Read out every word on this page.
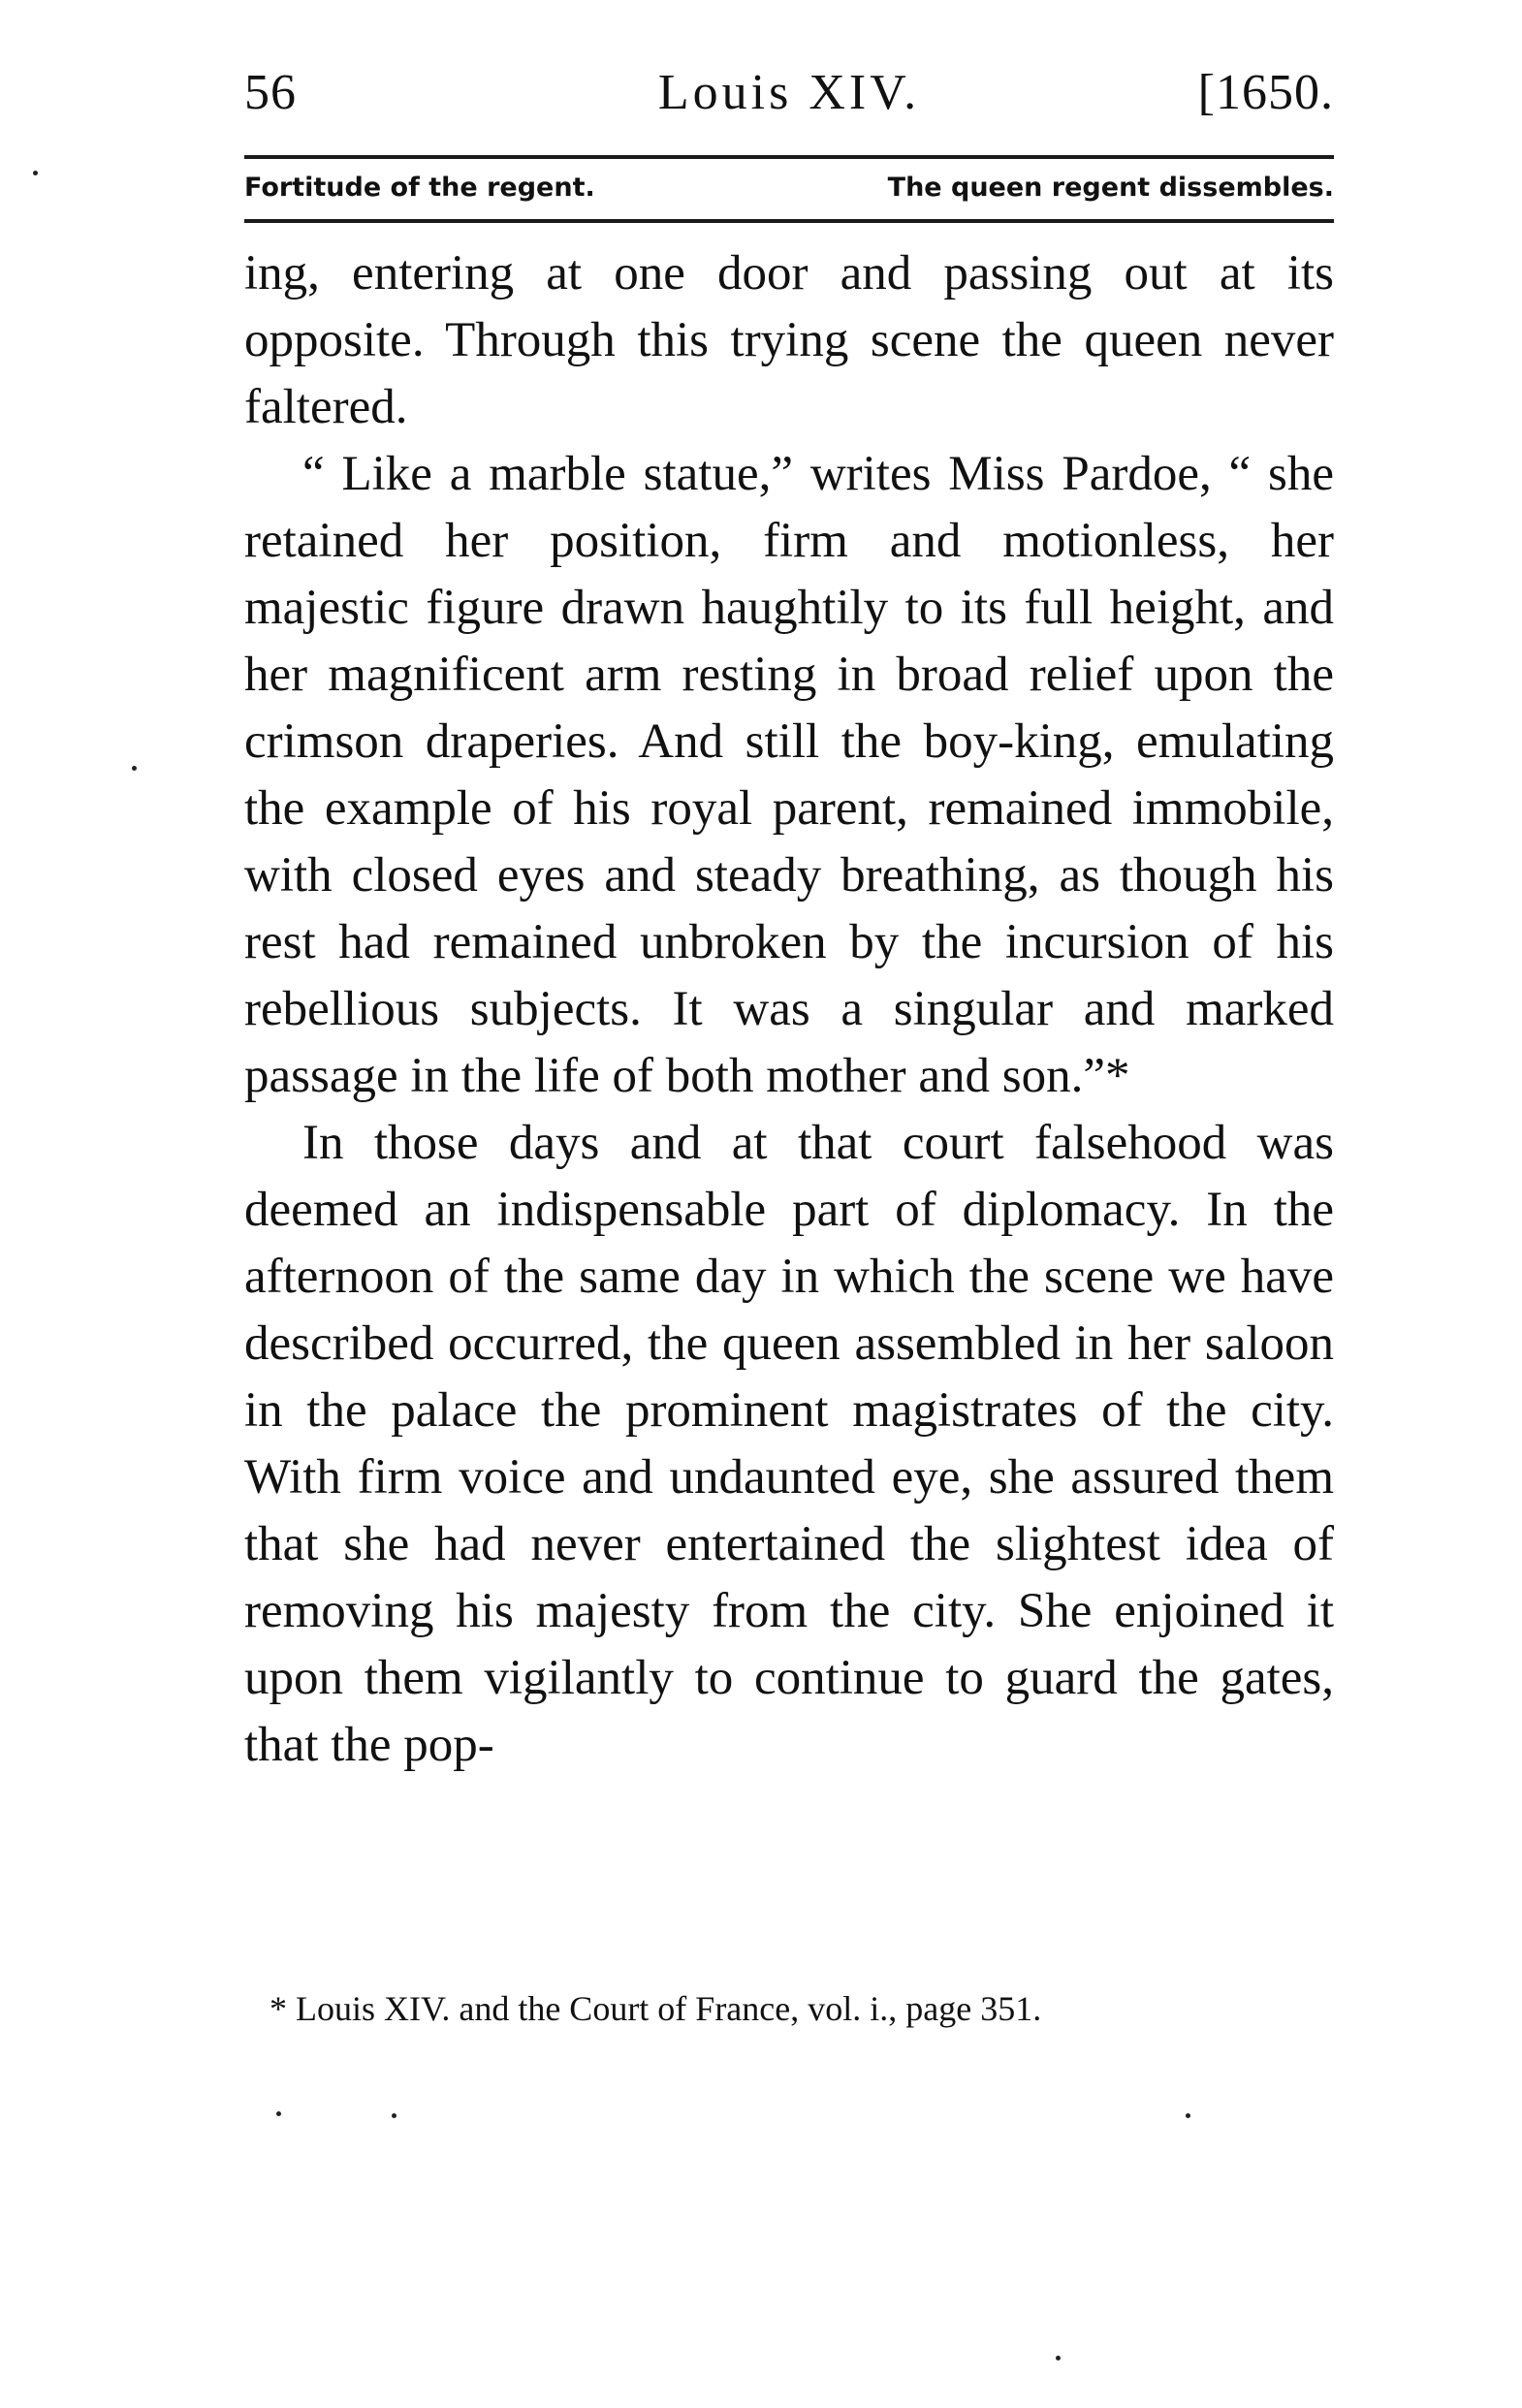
56	Louis XIV.	[1650.
Fortitude of the regent.	The queen regent dissembles.

ing, entering at one door and passing out at its opposite. Through this trying scene the queen never faltered.

“ Like a marble statue,” writes Miss Pardoe, “ she retained her position, firm and motionless, her majestic figure drawn haughtily to its full height, and her magnificent arm resting in broad relief upon the crimson draperies. And still the boy-king, emulating the example of his royal parent, remained immobile, with closed eyes and steady breathing, as though his rest had remained unbroken by the incursion of his rebellious subjects. It was a singular and marked passage in the life of both mother and son.”*

In those days and at that court falsehood was deemed an indispensable part of diplomacy. In the afternoon of the same day in which the scene we have described occurred, the queen assembled in her saloon in the palace the prominent magistrates of the city. With firm voice and undaunted eye, she assured them that she had never entertained the slightest idea of removing his majesty from the city. She enjoined it upon them vigilantly to continue to guard the gates, that the pop-

* Louis XIV. and the Court of France, vol. i., page 351.
